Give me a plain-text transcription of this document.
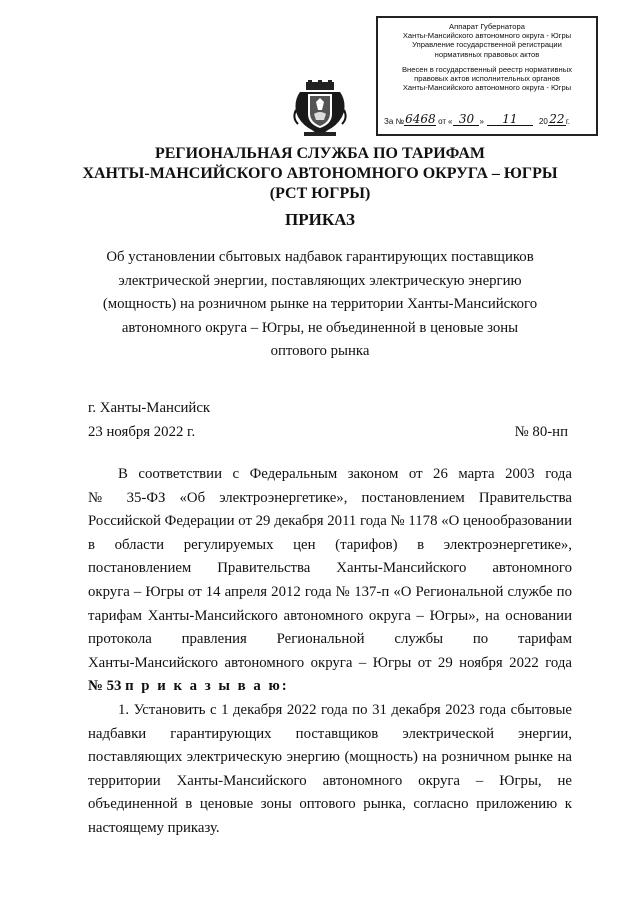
Аппарат Губернатора
Ханты-Мансийского автономного округа - Югры
Управление государственной регистрации
нормативных правовых актов
Внесен в государственный реестр нормативных
правовых актов исполнительных органов
Ханты-Мансийского автономного округа - Югры
За № 6468 от « 30 »	11	20 22 г.
РЕГИОНАЛЬНАЯ СЛУЖБА ПО ТАРИФАМ
ХАНТЫ-МАНСИЙСКОГО АВТОНОМНОГО ОКРУГА – ЮГРЫ
(РСТ ЮГРЫ)
ПРИКАЗ
Об установлении сбытовых надбавок гарантирующих поставщиков
электрической энергии, поставляющих электрическую энергию
(мощность) на розничном рынке на территории Ханты-Мансийского
автономного округа – Югры, не объединенной в ценовые зоны
оптового рынка
г. Ханты-Мансийск
23 ноября 2022 г.	№ 80-нп
В соответствии с Федеральным законом от 26 марта 2003 года
№ 35-ФЗ «Об электроэнергетике», постановлением Правительства
Российской Федерации от 29 декабря 2011 года № 1178 «О ценообразовании
в области регулируемых цен (тарифов) в электроэнергетике»,
постановлением Правительства Ханты-Мансийского автономного
округа – Югры от 14 апреля 2012 года № 137-п «О Региональной службе по
тарифам Ханты-Мансийского автономного округа – Югры», на основании
протокола правления Региональной службы по тарифам
Ханты-Мансийского автономного округа – Югры от 29 ноября 2022 года
№ 53 п р и к а з ы в а ю:
1. Установить с 1 декабря 2022 года по 31 декабря 2023 года сбытовые
надбавки гарантирующих поставщиков электрической энергии,
поставляющих электрическую энергию (мощность) на розничном рынке на
территории Ханты-Мансийского автономного округа – Югры, не
объединенной в ценовые зоны оптового рынка, согласно приложению к
настоящему приказу.
